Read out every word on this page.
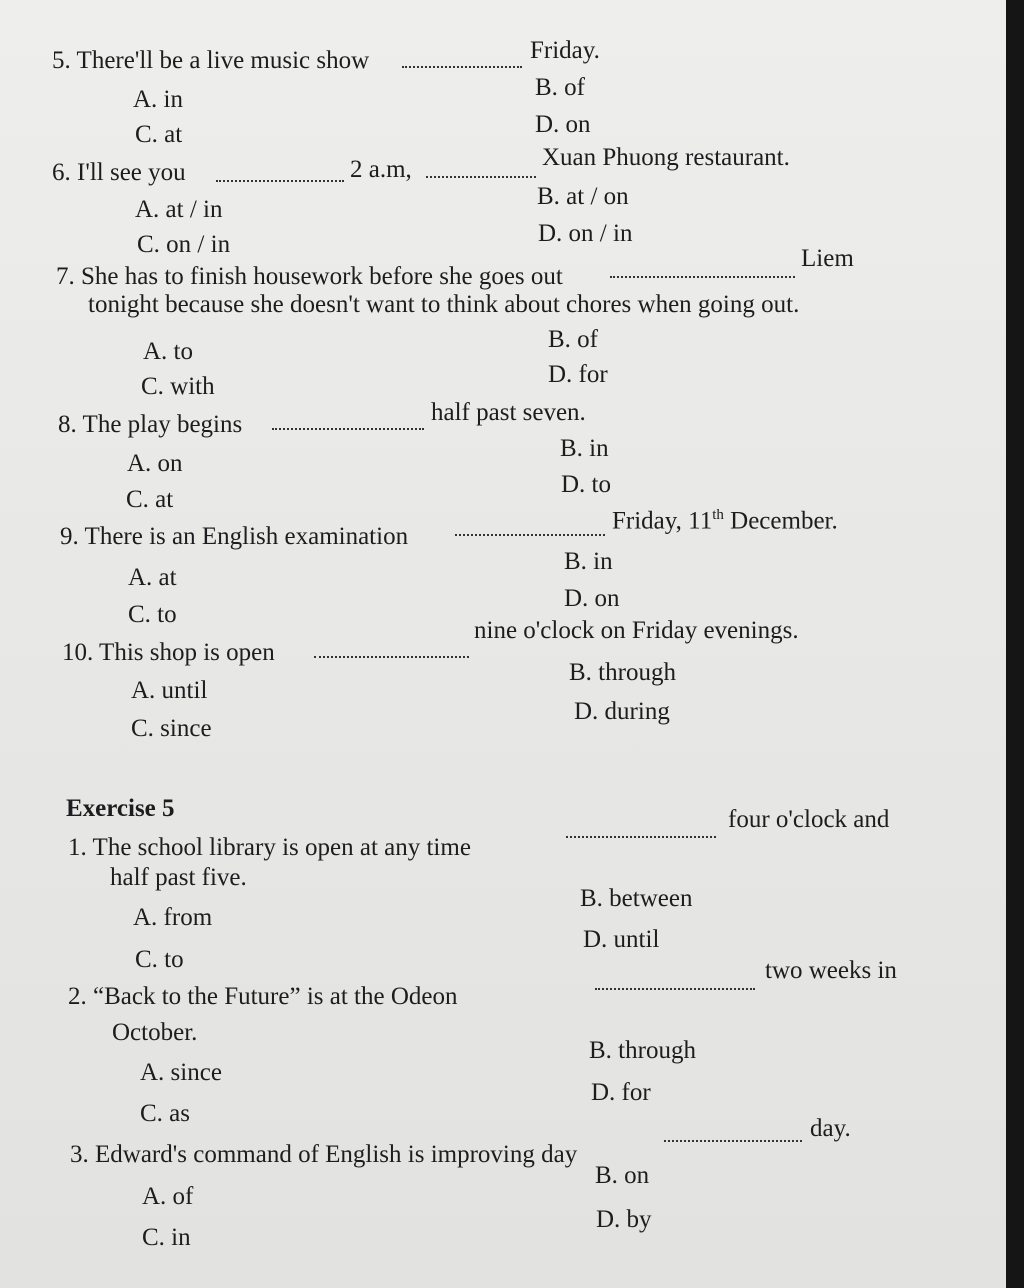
5. There'll be a live music show	Friday.
A. in	B. of
C. at	D. on
6. I'll see you	2 a.m,	Xuan Phuong restaurant.
A. at / in	B. at / on
C. on / in	D. on / in
7. She has to finish housework before she goes out
Liem
tonight because she doesn't want to think about chores when going out.
A. to	B. of
C. with	D. for
8. The play begins	half past seven.
A. on
B. in
C. at
D. to
9. There is an English examination
Friday, 11th December.
A. at
B. in
C. to
D. on
10. This shop is open
nine o'clock on Friday evenings.
A. until
B. through
C. since
D. during
Exercise 5
1. The school library is open at any time
four o'clock and
half past five.
A. from
B. between
C. to
D. until
2. “Back to the Future” is at the Odeon
two weeks in
October.
A. since
B. through
C. as
D. for
3. Edward's command of English is improving day
day.
A. of
B. on
C. in
D. by
